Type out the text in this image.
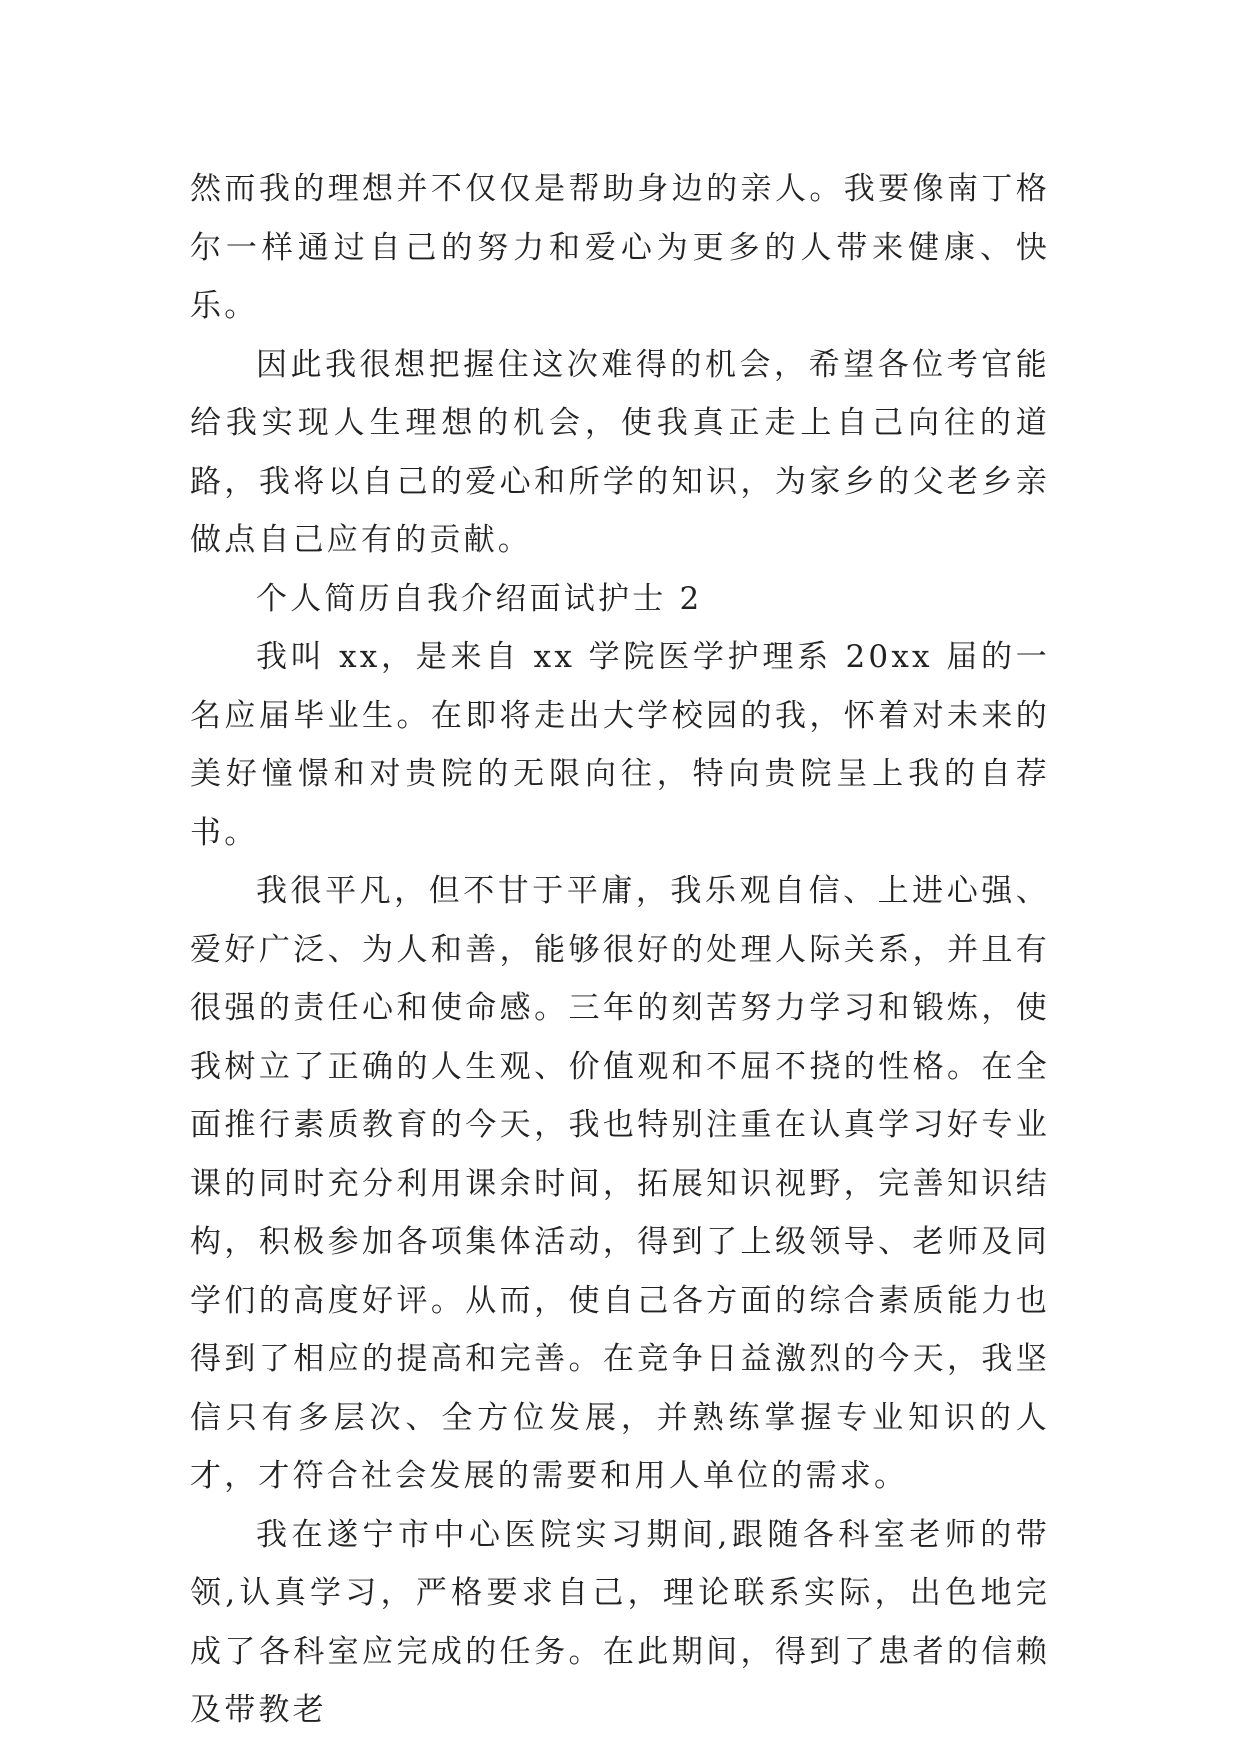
然而我的理想并不仅仅是帮助身边的亲人。我要像南丁格尔一样通过自己的努力和爱心为更多的人带来健康、快乐。

因此我很想把握住这次难得的机会，希望各位考官能给我实现人生理想的机会，使我真正走上自己向往的道路，我将以自己的爱心和所学的知识，为家乡的父老乡亲做点自己应有的贡献。

个人简历自我介绍面试护士 2

我叫 xx，是来自 xx 学院医学护理系 20xx 届的一名应届毕业生。在即将走出大学校园的我，怀着对未来的美好憧憬和对贵院的无限向往，特向贵院呈上我的自荐书。

我很平凡，但不甘于平庸，我乐观自信、上进心强、爱好广泛、为人和善，能够很好的处理人际关系，并且有很强的责任心和使命感。三年的刻苦努力学习和锻炼，使我树立了正确的人生观、价值观和不屈不挠的性格。在全面推行素质教育的今天，我也特别注重在认真学习好专业课的同时充分利用课余时间，拓展知识视野，完善知识结构，积极参加各项集体活动，得到了上级领导、老师及同学们的高度好评。从而，使自己各方面的综合素质能力也得到了相应的提高和完善。在竞争日益激烈的今天，我坚信只有多层次、全方位发展，并熟练掌握专业知识的人才，才符合社会发展的需要和用人单位的需求。

我在遂宁市中心医院实习期间,跟随各科室老师的带领,认真学习，严格要求自己，理论联系实际，出色地完成了各科室应完成的任务。在此期间，得到了患者的信赖及带教老
